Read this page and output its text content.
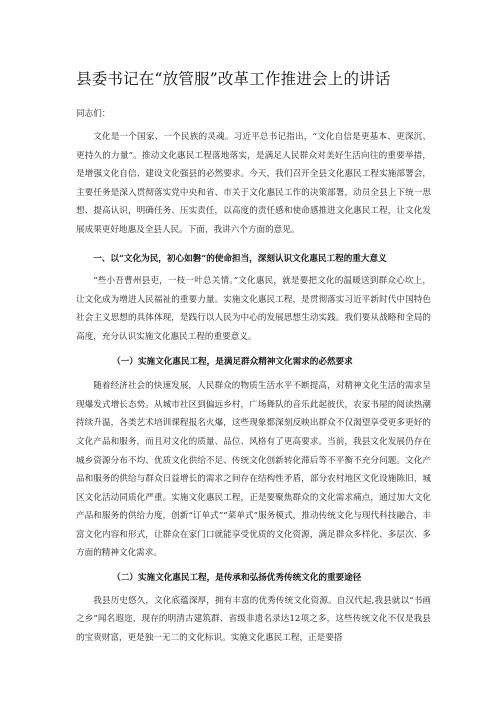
县委书记在“放管服”改革工作推进会上的讲话

同志们：

文化是一个国家、一个民族的灵魂。习近平总书记指出，“文化自信是更基本、更深沉、更持久的力量”。推动文化惠民工程落地落实，是满足人民群众对美好生活向往的重要举措，是增强文化自信、建设文化强县的必然要求。今天，我们召开全县文化惠民工程实施部署会，主要任务是深入贯彻落实党中央和省、市关于文化惠民工作的决策部署，动员全县上下统一思想、提高认识，明确任务、压实责任，以高度的责任感和使命感推进文化惠民工程，让文化发展成果更好地惠及全县人民。下面，我讲六个方面的意见。

一、以“文化为民，初心如磐”的使命担当，深刻认识文化惠民工程的重大意义

“些小吾曹州县吏，一枝一叶总关情。”文化惠民，就是要把文化的温暖送到群众心坎上，让文化成为增进人民福祉的重要力量。实施文化惠民工程，是贯彻落实习近平新时代中国特色社会主义思想的具体体现，是践行以人民为中心的发展思想生动实践。我们要从战略和全局的高度，充分认识实施文化惠民工程的重要意义。

（一）实施文化惠民工程，是满足群众精神文化需求的必然要求

随着经济社会的快速发展，人民群众的物质生活水平不断提高，对精神文化生活的需求呈现爆发式增长态势。从城市社区到偏远乡村，广场舞队的音乐此起彼伏，农家书屋的阅读热潮持续升温，各类艺术培训课程报名火爆，这些现象都深刻反映出群众不仅渴望享受更多更好的文化产品和服务，而且对文化的质量、品位、风格有了更高要求。当前，我县文化发展仍存在城乡资源分布不均、优质文化供给不足、传统文化创新转化滞后等不平衡不充分问题。文化产品和服务的供给与群众日益增长的需求之间存在结构性矛盾，部分农村地区文化设施陈旧，城区文化活动同质化严重。实施文化惠民工程，正是要聚焦群众的文化需求痛点，通过加大文化产品和服务的供给力度，创新“订单式”“菜单式”服务模式，推动传统文化与现代科技融合，丰富文化内容和形式，让群众在家门口就能享受优质的文化资源，满足群众多样化、多层次、多方面的精神文化需求。

（二）实施文化惠民工程，是传承和弘扬优秀传统文化的重要途径

我县历史悠久，文化底蕴深厚，拥有丰富的优秀传统文化资源。自汉代起,我县就以“书画之乡”闻名遐迩，现存的明清古建筑群、省级非遗名录达12项之多，这些传统文化不仅是我县的宝贵财富，更是独一无二的文化标识。实施文化惠民工程，正是要搭
